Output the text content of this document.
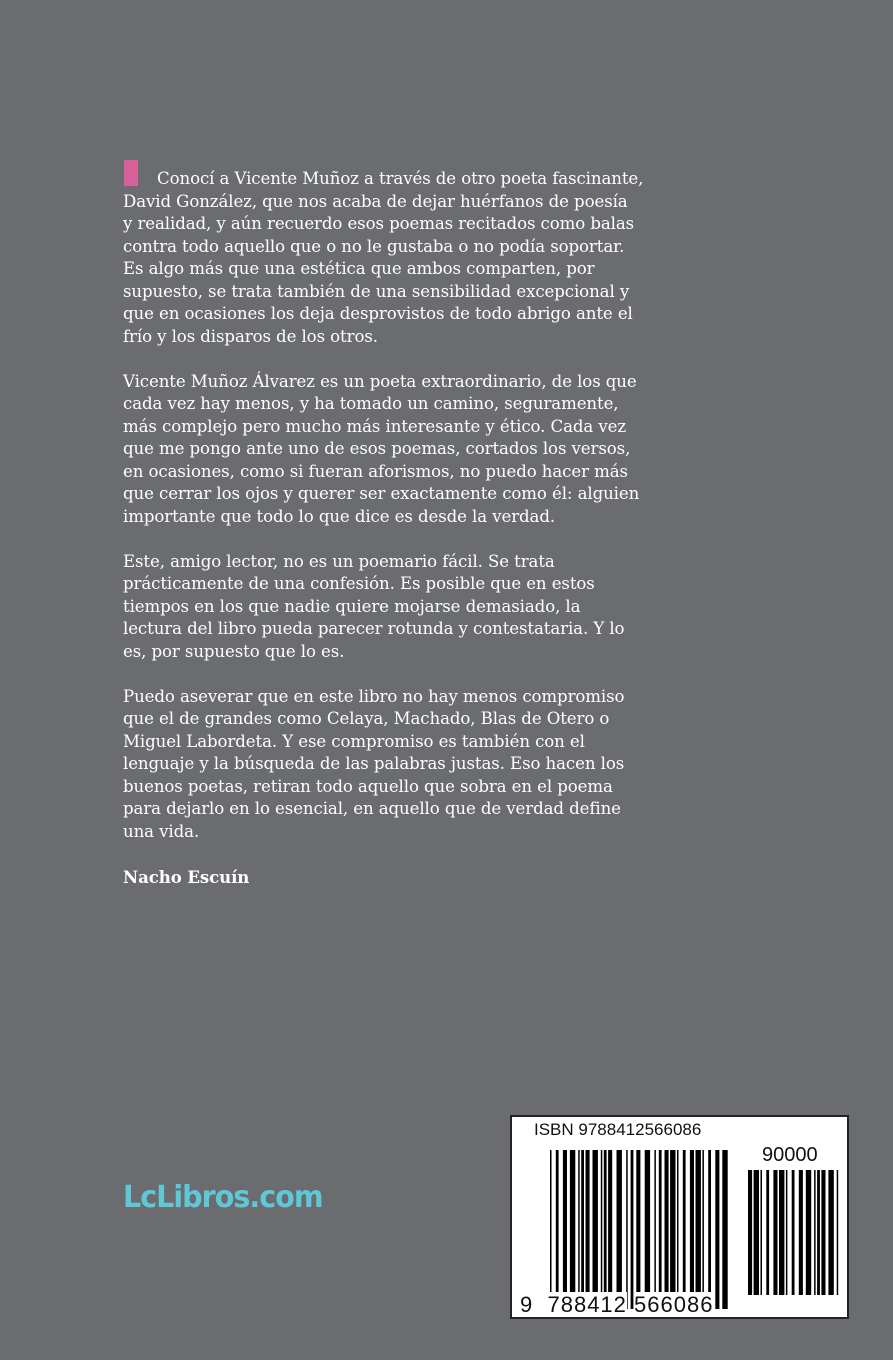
Conocí a Vicente Muñoz a través de otro poeta fascinante,
David González, que nos acaba de dejar huérfanos de poesía
y realidad, y aún recuerdo esos poemas recitados como balas
contra todo aquello que o no le gustaba o no podía soportar.
Es algo más que una estética que ambos comparten, por
supuesto, se trata también de una sensibilidad excepcional y
que en ocasiones los deja desprovistos de todo abrigo ante el
frío y los disparos de los otros.
Vicente Muñoz Álvarez es un poeta extraordinario, de los que
cada vez hay menos, y ha tomado un camino, seguramente,
más complejo pero mucho más interesante y ético. Cada vez
que me pongo ante uno de esos poemas, cortados los versos,
en ocasiones, como si fueran aforismos, no puedo hacer más
que cerrar los ojos y querer ser exactamente como él: alguien
importante que todo lo que dice es desde la verdad.
Este, amigo lector, no es un poemario fácil. Se trata
prácticamente de una confesión. Es posible que en estos
tiempos en los que nadie quiere mojarse demasiado, la
lectura del libro pueda parecer rotunda y contestataria. Y lo
es, por supuesto que lo es.
Puedo aseverar que en este libro no hay menos compromiso
que el de grandes como Celaya, Machado, Blas de Otero o
Miguel Labordeta. Y ese compromiso es también con el
lenguaje y la búsqueda de las palabras justas. Eso hacen los
buenos poetas, retiran todo aquello que sobra en el poema
para dejarlo en lo esencial, en aquello que de verdad define
una vida.
Nacho Escuín
LcLibros.com
ISBN 9788412566086
90000
9 788412 566086
